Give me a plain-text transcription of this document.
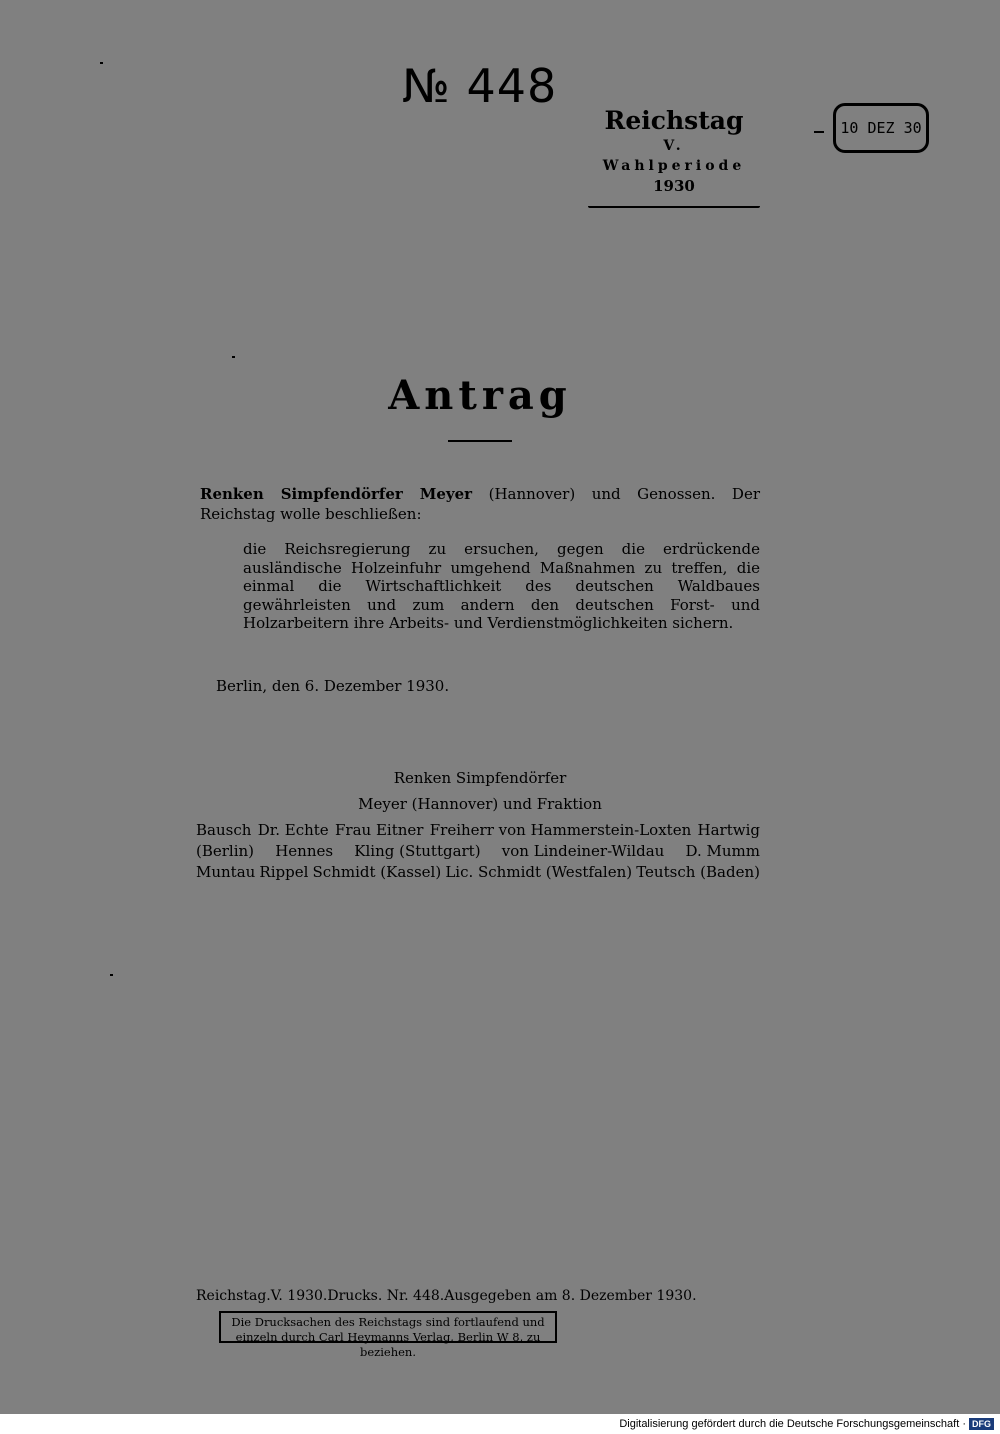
№ 448
Reichstag
V. Wahlperiode
1930
10 DEZ 30
Antrag
Renken Simpfendörfer Meyer (Hannover) und Genossen. Der Reichstag wolle beschließen:
die Reichsregierung zu ersuchen, gegen die erdrückende ausländische Holzeinfuhr umgehend Maßnahmen zu treffen, die einmal die Wirtschaftlichkeit des deutschen Waldbaues gewährleisten und zum andern den deutschen Forst- und Holzarbeitern ihre Arbeits- und Verdienstmöglichkeiten sichern.
Berlin, den 6. Dezember 1930.
Renken Simpfendörfer
Meyer (Hannover) und Fraktion
Bausch Dr. Echte Frau Eitner Freiherr von Hammerstein-Loxten Hartwig
(Berlin) Hennes Kling (Stuttgart) von Lindeiner-Wildau D. Mumm
Muntau Rippel Schmidt (Kassel) Lic. Schmidt (Westfalen) Teutsch (Baden)
Reichstag. V. 1930. Drucks. Nr. 448. Ausgegeben am 8. Dezember 1930.
Die Drucksachen des Reichstags sind fortlaufend und einzeln durch Carl Heymanns Verlag, Berlin W 8, zu beziehen.
Digitalisierung gefördert durch die Deutsche Forschungsgemeinschaft · DFG
